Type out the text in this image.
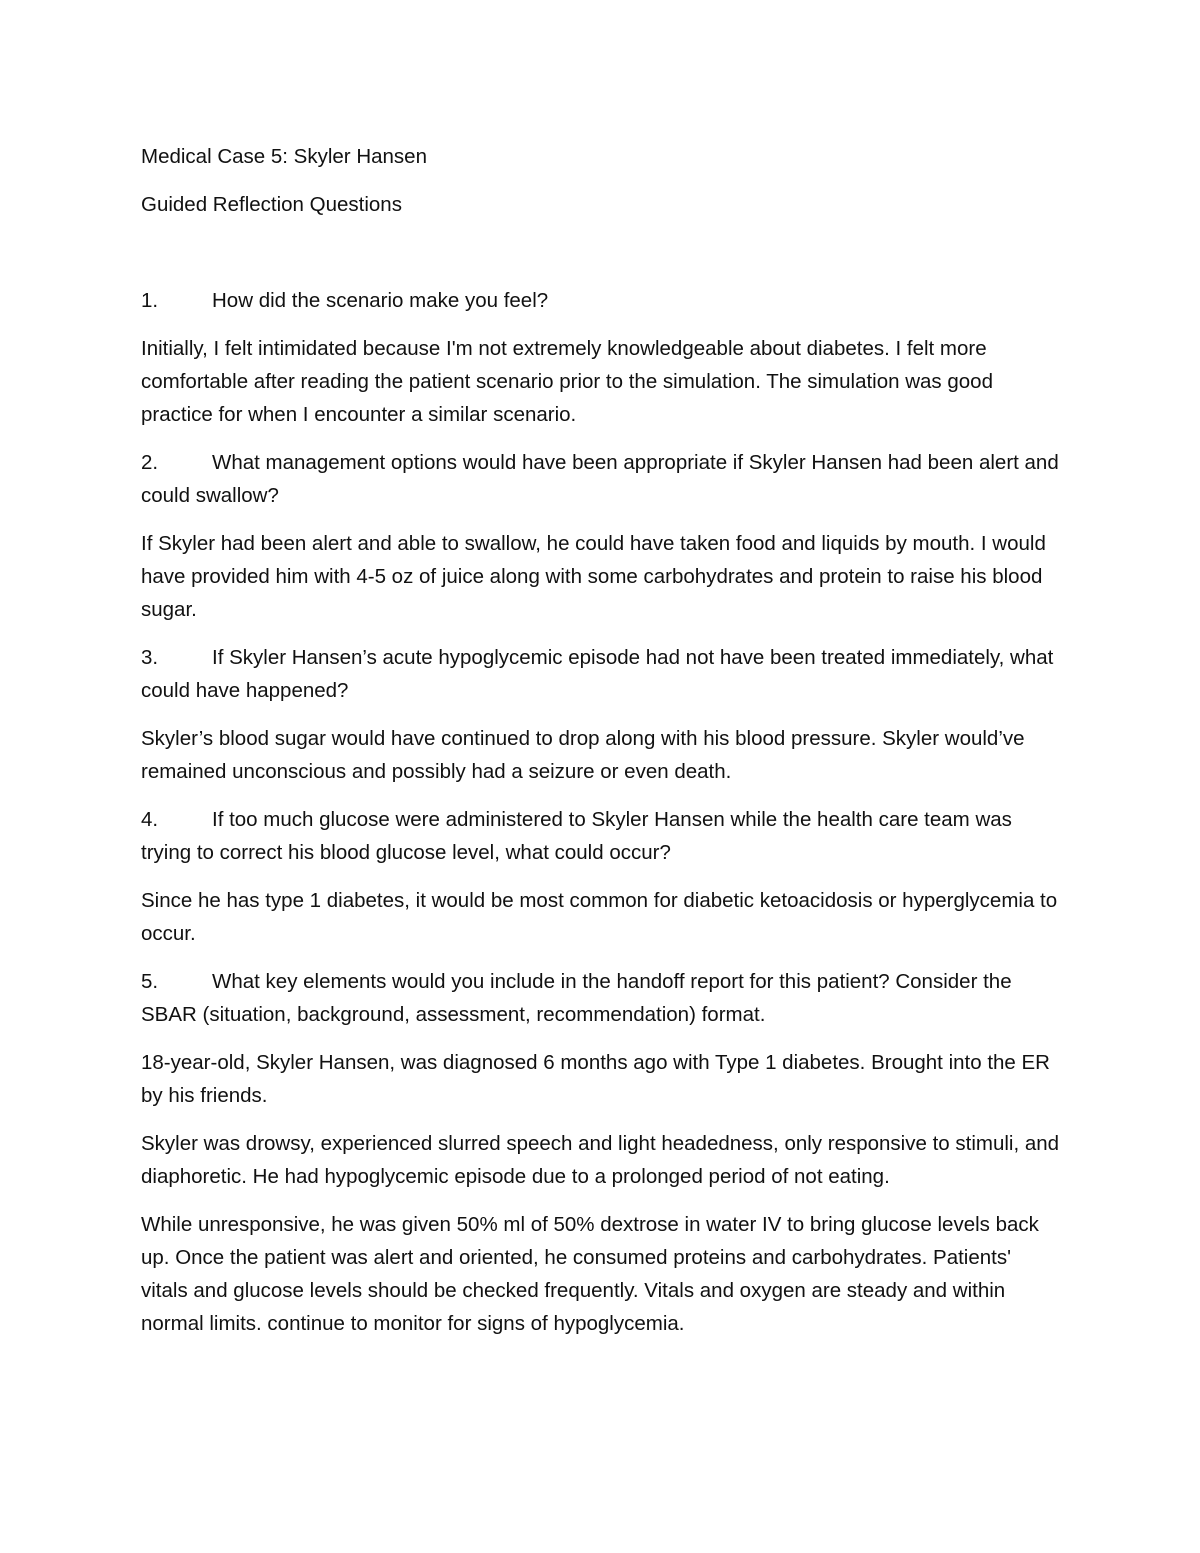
Medical Case 5: Skyler Hansen

Guided Reflection Questions

1.	How did the scenario make you feel?

Initially, I felt intimidated because I'm not extremely knowledgeable about diabetes. I felt more comfortable after reading the patient scenario prior to the simulation. The simulation was good practice for when I encounter a similar scenario.

2.	What management options would have been appropriate if Skyler Hansen had been alert and could swallow?

If Skyler had been alert and able to swallow, he could have taken food and liquids by mouth. I would have provided him with 4-5 oz of juice along with some carbohydrates and protein to raise his blood sugar.

3.	If Skyler Hansen’s acute hypoglycemic episode had not have been treated immediately, what could have happened?

Skyler’s blood sugar would have continued to drop along with his blood pressure. Skyler would’ve remained unconscious and possibly had a seizure or even death.

4.	If too much glucose were administered to Skyler Hansen while the health care team was trying to correct his blood glucose level, what could occur?

Since he has type 1 diabetes, it would be most common for diabetic ketoacidosis or hyperglycemia to occur.

5.	What key elements would you include in the handoff report for this patient? Consider the SBAR (situation, background, assessment, recommendation) format.

18-year-old, Skyler Hansen, was diagnosed 6 months ago with Type 1 diabetes. Brought into the ER by his friends.

Skyler was drowsy, experienced slurred speech and light headedness, only responsive to stimuli, and diaphoretic. He had hypoglycemic episode due to a prolonged period of not eating.

While unresponsive, he was given 50% ml of 50% dextrose in water IV to bring glucose levels back up. Once the patient was alert and oriented, he consumed proteins and carbohydrates. Patients' vitals and glucose levels should be checked frequently. Vitals and oxygen are steady and within normal limits. continue to monitor for signs of hypoglycemia.
